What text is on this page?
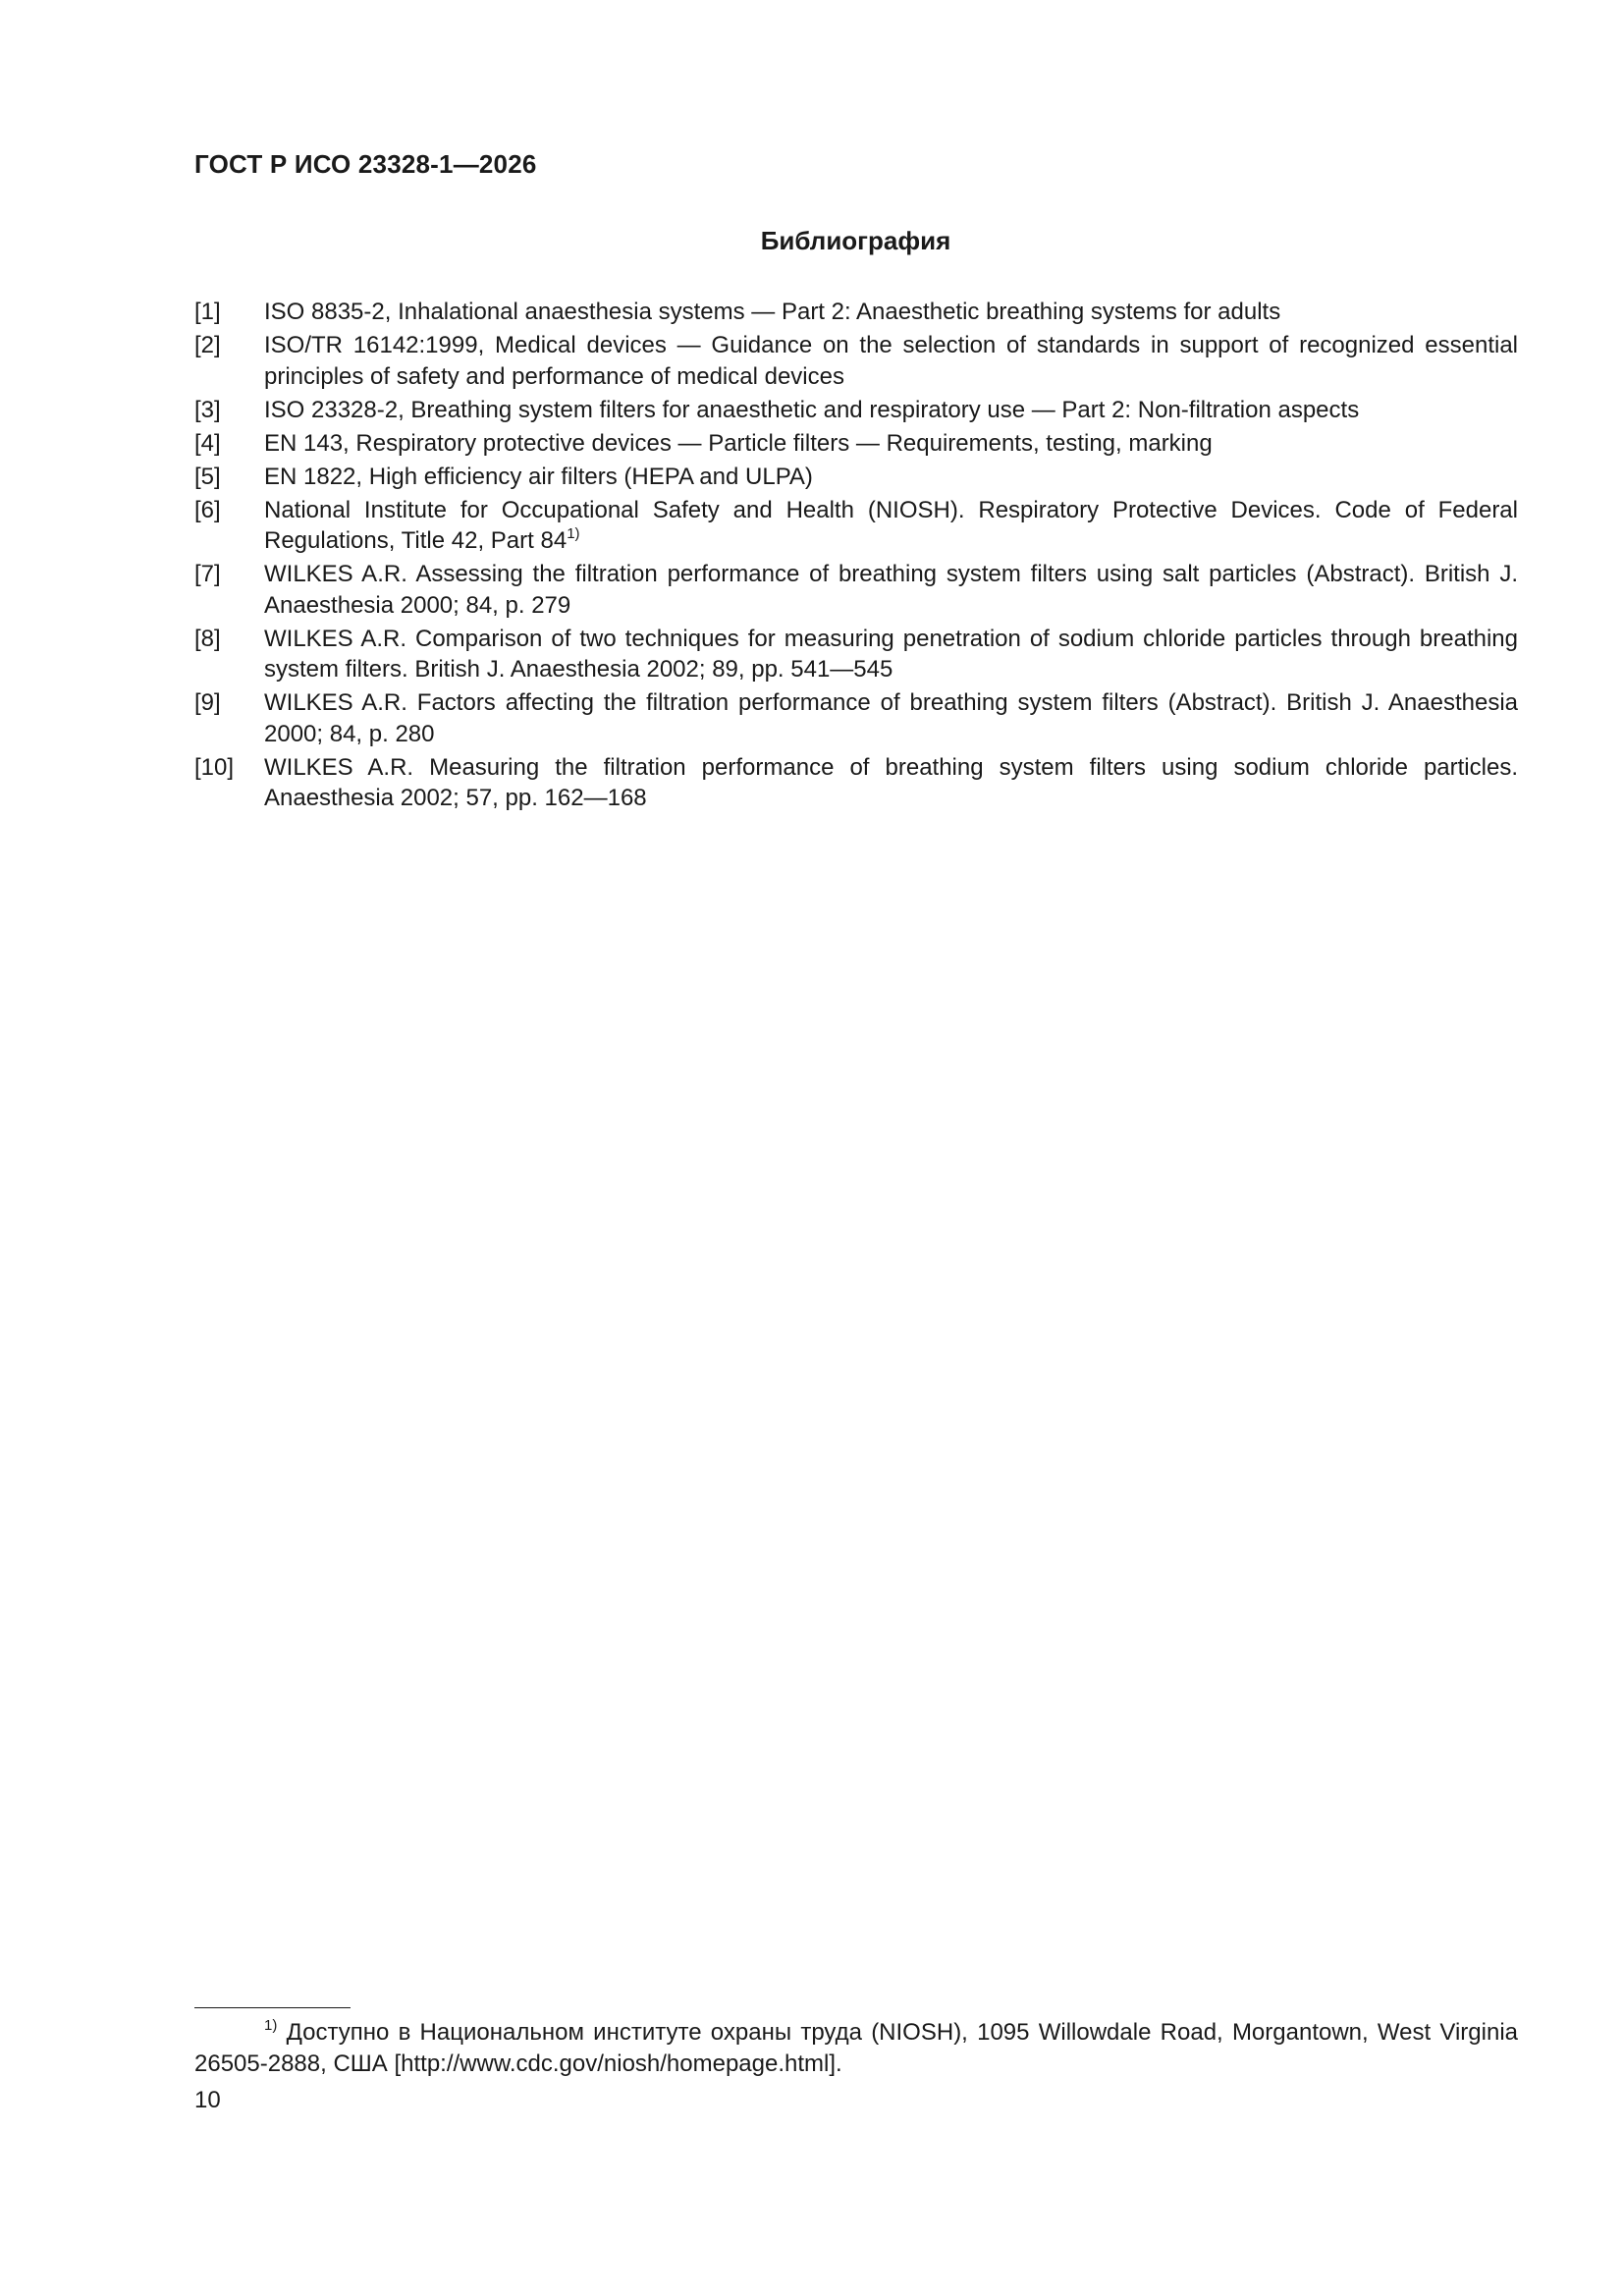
ГОСТ Р ИСО 23328-1—2026
Библиография
[1]	ISO 8835-2, Inhalational anaesthesia systems — Part 2: Anaesthetic breathing systems for adults
[2]	ISO/TR 16142:1999, Medical devices — Guidance on the selection of standards in support of recognized essential principles of safety and performance of medical devices
[3]	ISO 23328-2, Breathing system filters for anaesthetic and respiratory use — Part 2: Non-filtration aspects
[4]	EN 143, Respiratory protective devices — Particle filters — Requirements, testing, marking
[5]	EN 1822, High efficiency air filters (HEPA and ULPA)
[6]	National Institute for Occupational Safety and Health (NIOSH). Respiratory Protective Devices. Code of Federal Regulations, Title 42, Part 84$^{1)}$
[7]	WILKES A.R. Assessing the filtration performance of breathing system filters using salt particles (Abstract). British J. Anaesthesia 2000; 84, p. 279
[8]	WILKES A.R. Comparison of two techniques for measuring penetration of sodium chloride particles through breathing system filters. British J. Anaesthesia 2002; 89, pp. 541—545
[9]	WILKES A.R. Factors affecting the filtration performance of breathing system filters (Abstract). British J. Anaesthesia 2000; 84, p. 280
[10]	WILKES A.R. Measuring the filtration performance of breathing system filters using sodium chloride particles. Anaesthesia 2002; 57, pp. 162—168
$^{1)}$ Доступно в Национальном институте охраны труда (NIOSH), 1095 Willowdale Road, Morgantown, West Virginia 26505-2888, США [http://www.cdc.gov/niosh/homepage.html].
10
